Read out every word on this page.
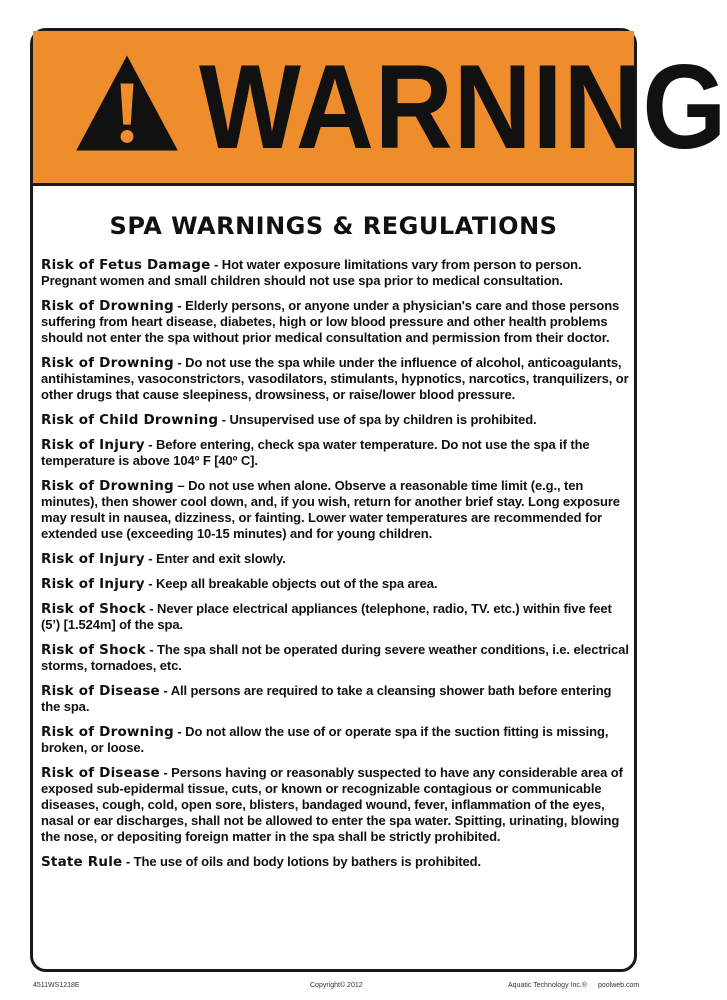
WARNING
SPA WARNINGS & REGULATIONS
Risk of Fetus Damage - Hot water exposure limitations vary from person to person. Pregnant women and small children should not use spa prior to medical consultation.
Risk of Drowning - Elderly persons, or anyone under a physician's care and those persons suffering from heart disease, diabetes, high or low blood pressure and other health problems should not enter the spa without prior medical consultation and permission from their doctor.
Risk of Drowning - Do not use the spa while under the influence of alcohol, anticoagulants, antihistamines, vasoconstrictors, vasodilators, stimulants, hypnotics, narcotics, tranquilizers, or other drugs that cause sleepiness, drowsiness, or raise/lower blood pressure.
Risk of Child Drowning - Unsupervised use of spa by children is prohibited.
Risk of Injury - Before entering, check spa water temperature. Do not use the spa if the temperature is above 104º F [40º C].
Risk of Drowning – Do not use when alone. Observe a reasonable time limit (e.g., ten minutes), then shower cool down, and, if you wish, return for another brief stay. Long exposure may result in nausea, dizziness, or fainting. Lower water temperatures are recommended for extended use (exceeding 10-15 minutes) and for young children.
Risk of Injury - Enter and exit slowly.
Risk of Injury - Keep all breakable objects out of the spa area.
Risk of Shock - Never place electrical appliances (telephone, radio, TV. etc.) within five feet (5’) [1.524m] of the spa.
Risk of Shock - The spa shall not be operated during severe weather conditions, i.e. electrical storms, tornadoes, etc.
Risk of Disease - All persons are required to take a cleansing shower bath before entering the spa.
Risk of Drowning - Do not allow the use of or operate spa if the suction fitting is missing, broken, or loose.
Risk of Disease - Persons having or reasonably suspected to have any considerable area of exposed sub-epidermal tissue, cuts, or known or recognizable contagious or communicable diseases, cough, cold, open sore, blisters, bandaged wound, fever, inflammation of the eyes, nasal or ear discharges, shall not be allowed to enter the spa water. Spitting, urinating, blowing the nose, or depositing foreign matter in the spa shall be strictly prohibited.
State Rule - The use of oils and body lotions by bathers is prohibited.
4511WS1218E	Copyright© 2012	Aquatic Technology Inc.® poolweb.com
